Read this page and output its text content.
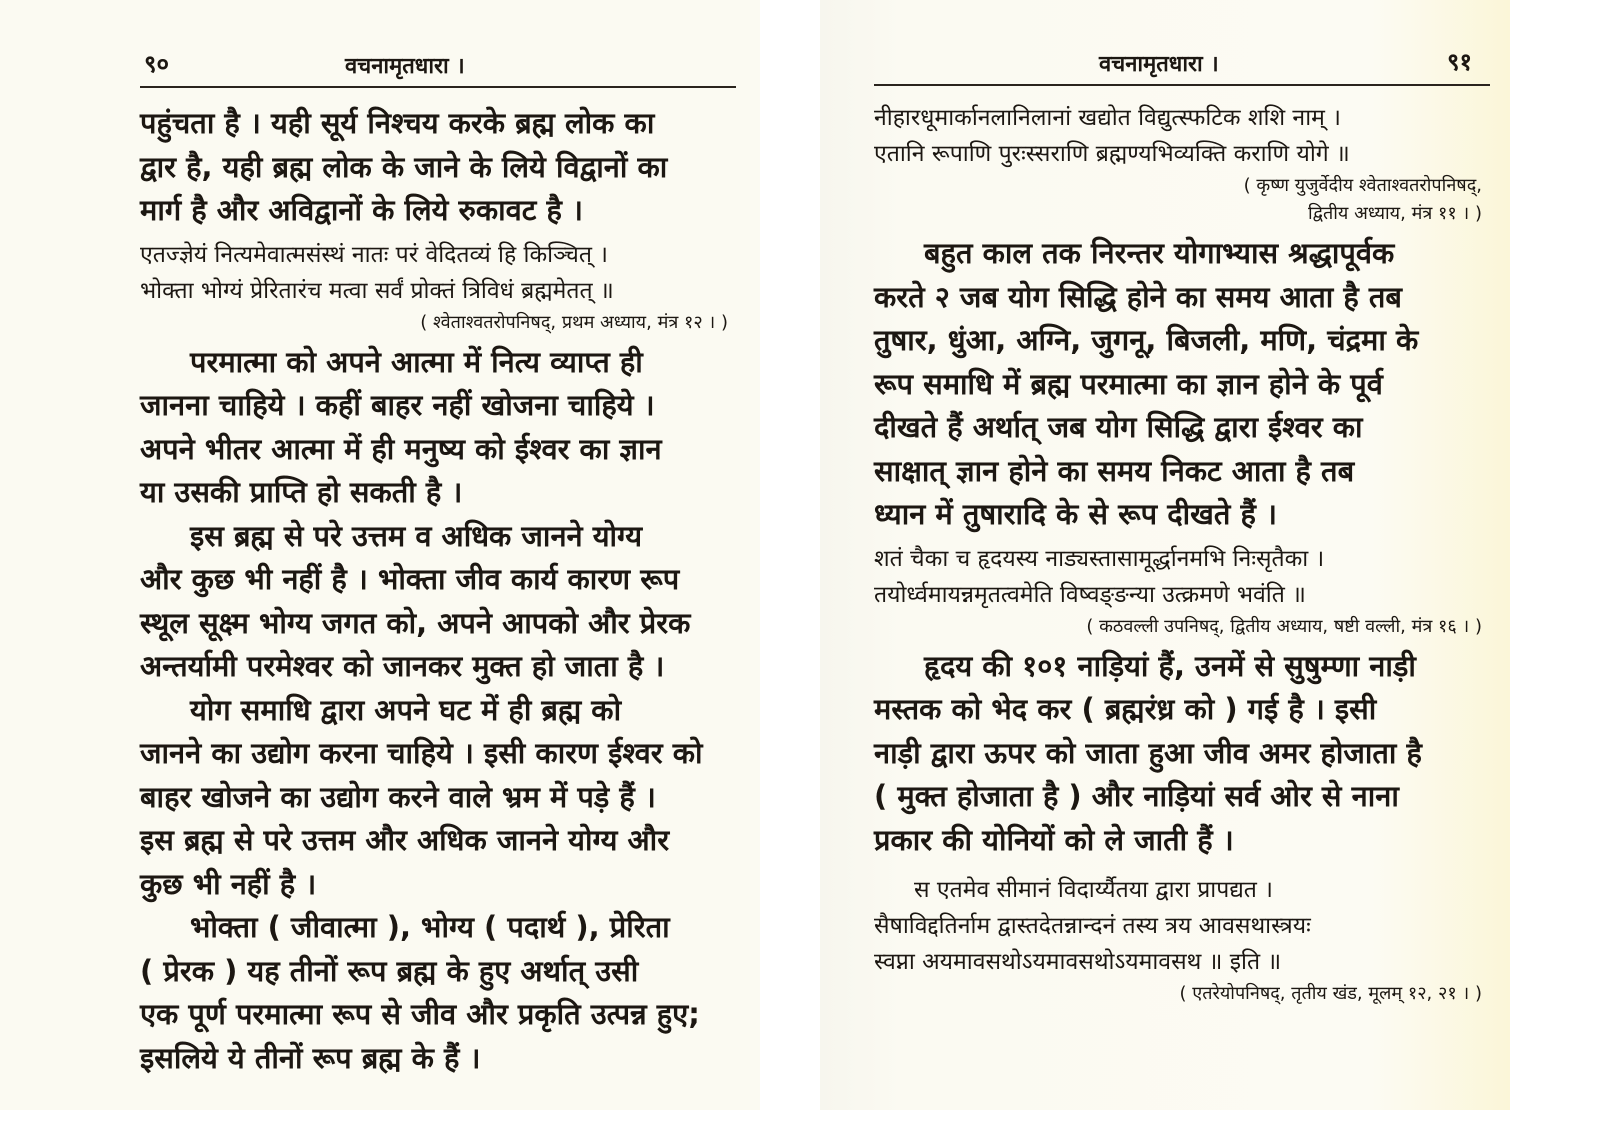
९०	वचनामृतधारा ।
पहुंचता है । यही सूर्य निश्चय करके ब्रह्म लोक का
द्वार है, यही ब्रह्म लोक के जाने के लिये विद्वानों का
मार्ग है और अविद्वानों के लिये रुकावट है ।
एतज्ज्ञेयं नित्यमेवात्मसंस्थं नातः परं वेदितव्यं हि किञ्चित् ।
भोक्ता भोग्यं प्रेरितारंच मत्वा सर्वं प्रोक्तं त्रिविधं ब्रह्ममेतत् ॥
( श्वेताश्वतरोपनिषद्, प्रथम अध्याय, मंत्र १२ । )
परमात्मा को अपने आत्मा में नित्य व्याप्त ही
जानना चाहिये । कहीं बाहर नहीं खोजना चाहिये ।
अपने भीतर आत्मा में ही मनुष्य को ईश्वर का ज्ञान
या उसकी प्राप्ति हो सकती है ।
इस ब्रह्म से परे उत्तम व अधिक जानने योग्य
और कुछ भी नहीं है । भोक्ता जीव कार्य कारण रूप
स्थूल सूक्ष्म भोग्य जगत को, अपने आपको और प्रेरक
अन्तर्यामी परमेश्वर को जानकर मुक्त हो जाता है ।
योग समाधि द्वारा अपने घट में ही ब्रह्म को
जानने का उद्योग करना चाहिये । इसी कारण ईश्वर को
बाहर खोजने का उद्योग करने वाले भ्रम में पड़े हैं ।
इस ब्रह्म से परे उत्तम और अधिक जानने योग्य और
कुछ भी नहीं है ।
भोक्ता ( जीवात्मा ), भोग्य ( पदार्थ ), प्रेरिता
( प्रेरक ) यह तीनों रूप ब्रह्म के हुए अर्थात् उसी
एक पूर्ण परमात्मा रूप से जीव और प्रकृति उत्पन्न हुए;
इसलिये ये तीनों रूप ब्रह्म के हैं ।
वचनामृतधारा ।	९१
नीहारधूमार्कानलानिलानां खद्योत विद्युत्स्फटिक शशि नाम् ।
एतानि रूपाणि पुरःस्सराणि ब्रह्मण्यभिव्यक्ति कराणि योगे ॥
( कृष्ण युजुर्वेदीय श्वेताश्वतरोपनिषद्,
द्वितीय अध्याय, मंत्र ११ । )
बहुत काल तक निरन्तर योगाभ्यास श्रद्धापूर्वक
करते २ जब योग सिद्धि होने का समय आता है तब
तुषार, धुंआ, अग्नि, जुगनू, बिजली, मणि, चंद्रमा के
रूप समाधि में ब्रह्म परमात्मा का ज्ञान होने के पूर्व
दीखते हैं अर्थात् जब योग सिद्धि द्वारा ईश्वर का
साक्षात् ज्ञान होने का समय निकट आता है तब
ध्यान में तुषारादि के से रूप दीखते हैं ।
शतं चैका च हृदयस्य नाड्यस्तासामूर्द्धानमभि निःसृतैका ।
तयोर्ध्वमायन्नमृतत्वमेति विष्वङ्ङन्या उत्क्रमणे भवंति ॥
( कठवल्ली उपनिषद्, द्वितीय अध्याय, षष्टी वल्ली, मंत्र १६ । )
हृदय की १०१ नाड़ियां हैं, उनमें से सुषुम्णा नाड़ी
मस्तक को भेद कर ( ब्रह्मरंध्र को ) गई है । इसी
नाड़ी द्वारा ऊपर को जाता हुआ जीव अमर होजाता है
( मुक्त होजाता है ) और नाड़ियां सर्व ओर से नाना
प्रकार की योनियों को ले जाती हैं ।
स एतमेव सीमानं विदार्य्यैतया द्वारा प्रापद्यत ।
सैषाविद्दतिर्नाम द्वास्तदेतन्नान्दनं तस्य त्रय आवसथास्त्रयः
स्वप्ना अयमावसथोऽयमावसथोऽयमावसथ ॥ इति ॥
( एतरेयोपनिषद्, तृतीय खंड, मूलम् १२, २१ । )
